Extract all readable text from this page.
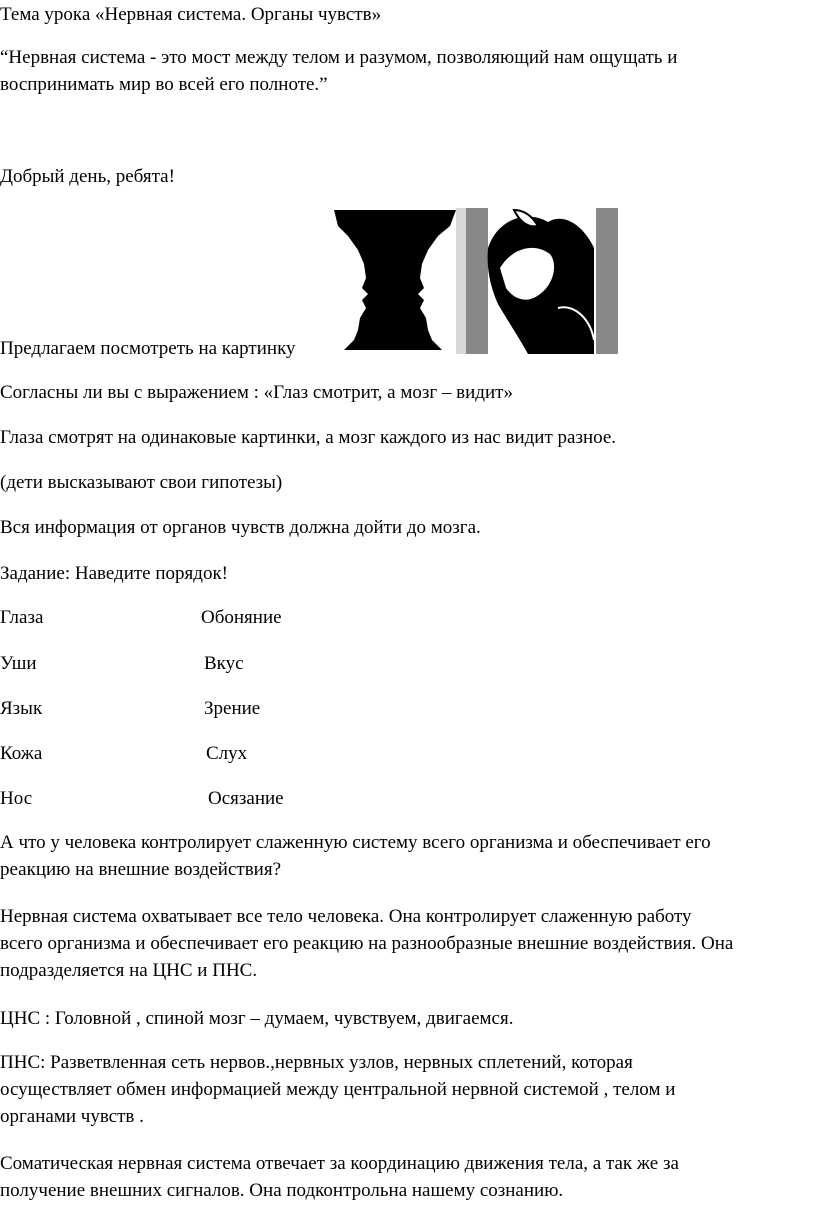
Тема урока «Нервная система. Органы чувств»

“Нервная система - это мост между телом и разумом, позволяющий нам ощущать и

воспринимать мир во всей его полноте.”

Добрый день, ребята!

Предлагаем посмотреть на картинку

Согласны ли вы с выражением : «Глаз смотрит, а мозг – видит»

Глаза смотрят на одинаковые картинки, а мозг каждого из нас видит разное.

(дети высказывают свои гипотезы)

Вся информация от органов чувств должна дойти до мозга.

Задание: Наведите порядок!

Глаза	Обоняние

Уши	Вкус

Язык	Зрение

Кожа	Слух

Нос	Осязание

А что у человека контролирует слаженную систему всего организма и обеспечивает его

реакцию на внешние воздействия?

Нервная система охватывает все тело человека. Она контролирует слаженную работу

всего организма и обеспечивает его реакцию на разнообразные внешние воздействия. Она

подразделяется на ЦНС и ПНС.

ЦНС : Головной , спиной мозг – думаем, чувствуем, двигаемся.

ПНС: Разветвленная сеть нервов.,нервных узлов, нервных сплетений, которая

осуществляет обмен информацией между центральной нервной системой , телом и

органами чувств .

Соматическая нервная система отвечает за координацию движения тела, а так же за

получение внешних сигналов. Она подконтрольна нашему сознанию.
